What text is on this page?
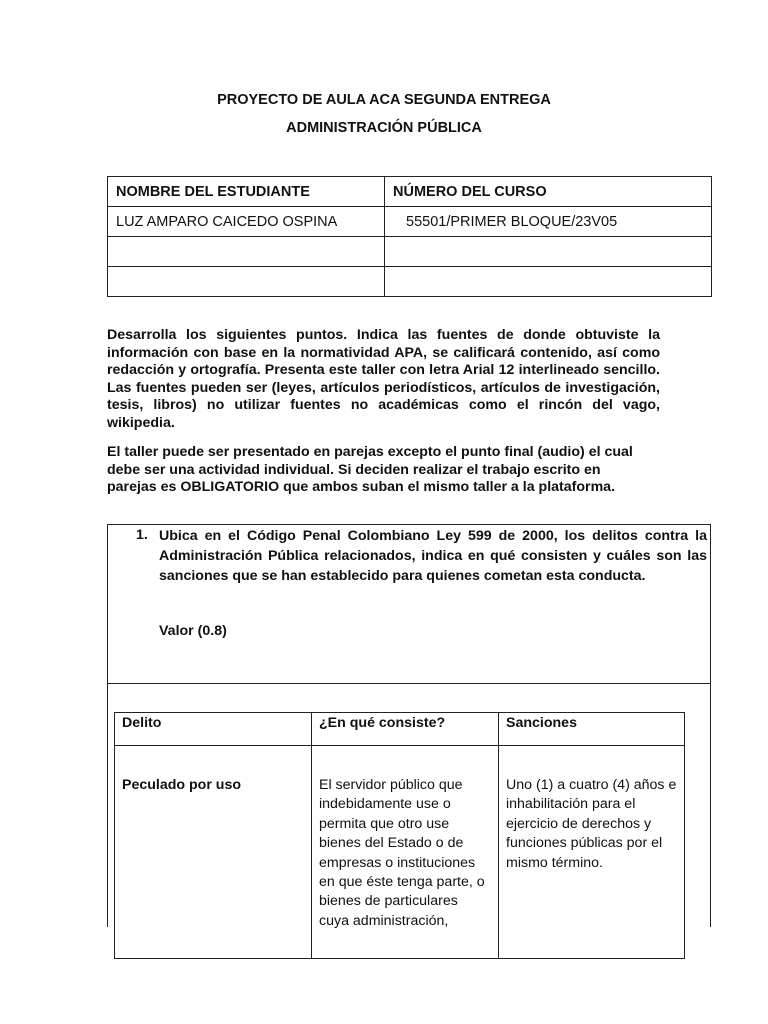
PROYECTO DE AULA ACA SEGUNDA ENTREGA
ADMINISTRACIÓN PÚBLICA
NOMBRE DEL ESTUDIANTE	NÚMERO DEL CURSO
LUZ AMPARO CAICEDO OSPINA	55501/PRIMER BLOQUE/23V05

Desarrolla los siguientes puntos. Indica las fuentes de donde obtuviste la información con base en la normatividad APA, se calificará contenido, así como redacción y ortografía. Presenta este taller con letra Arial 12 interlineado sencillo. Las fuentes pueden ser (leyes, artículos periodísticos, artículos de investigación, tesis, libros) no utilizar fuentes no académicas como el rincón del vago, wikipedia.

El taller puede ser presentado en parejas excepto el punto final (audio) el cual debe ser una actividad individual. Si deciden realizar el trabajo escrito en parejas es OBLIGATORIO que ambos suban el mismo taller a la plataforma.

1. Ubica en el Código Penal Colombiano Ley 599 de 2000, los delitos contra la Administración Pública relacionados, indica en qué consisten y cuáles son las sanciones que se han establecido para quienes cometan esta conducta.

Valor (0.8)
Delito	¿En qué consiste?	Sanciones
Peculado por uso	El servidor público que indebidamente use o permita que otro use bienes del Estado o de empresas o instituciones en que éste tenga parte, o bienes de particulares cuya administración,	Uno (1) a cuatro (4) años e inhabilitación para el ejercicio de derechos y funciones públicas por el mismo término.
